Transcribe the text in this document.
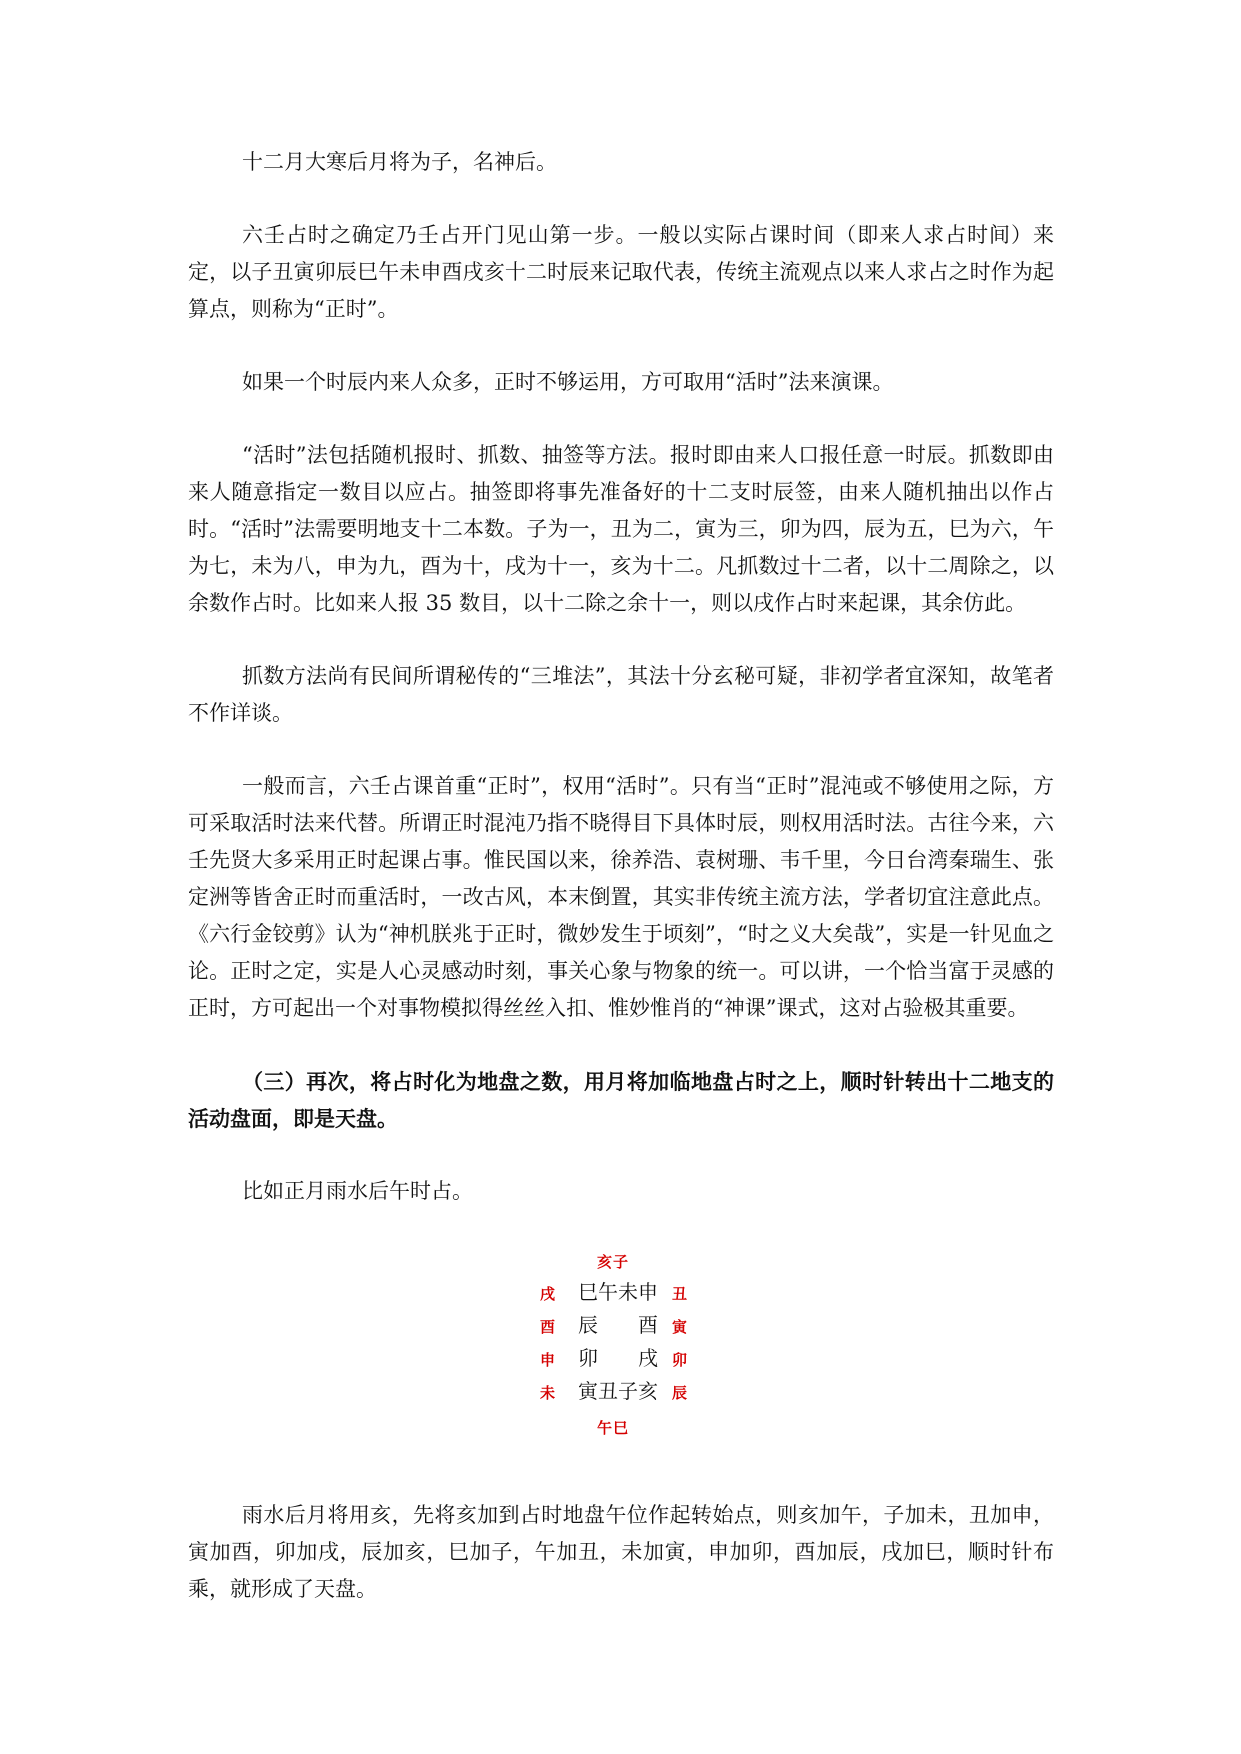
十二月大寒后月将为子，名神后。

六壬占时之确定乃壬占开门见山第一步。一般以实际占课时间（即来人求占时间）来定，以子丑寅卯辰巳午未申酉戌亥十二时辰来记取代表，传统主流观点以来人求占之时作为起算点，则称为“正时”。

如果一个时辰内来人众多，正时不够运用，方可取用“活时”法来演课。

“活时”法包括随机报时、抓数、抽签等方法。报时即由来人口报任意一时辰。抓数即由来人随意指定一数目以应占。抽签即将事先准备好的十二支时辰签，由来人随机抽出以作占时。“活时”法需要明地支十二本数。子为一，丑为二，寅为三，卯为四，辰为五，巳为六，午为七，未为八，申为九，酉为十，戌为十一，亥为十二。凡抓数过十二者，以十二周除之，以余数作占时。比如来人报 35 数目，以十二除之余十一，则以戌作占时来起课，其余仿此。

抓数方法尚有民间所谓秘传的“三堆法”，其法十分玄秘可疑，非初学者宜深知，故笔者不作详谈。

一般而言，六壬占课首重“正时”，权用“活时”。只有当“正时”混沌或不够使用之际，方可采取活时法来代替。所谓正时混沌乃指不晓得目下具体时辰，则权用活时法。古往今来，六壬先贤大多采用正时起课占事。惟民国以来，徐养浩、袁树珊、韦千里，今日台湾秦瑞生、张定洲等皆舍正时而重活时，一改古风，本末倒置，其实非传统主流方法，学者切宜注意此点。《六行金铰剪》认为“神机朕兆于正时，微妙发生于顷刻”，“时之义大矣哉”，实是一针见血之论。正时之定，实是人心灵感动时刻，事关心象与物象的统一。可以讲，一个恰当富于灵感的正时，方可起出一个对事物模拟得丝丝入扣、惟妙惟肖的“神课”课式，这对占验极其重要。

（三）再次，将占时化为地盘之数，用月将加临地盘占时之上，顺时针转出十二地支的活动盘面，即是天盘。

比如正月雨水后午时占。

亥子
戌 巳午未申 丑
酉 辰 酉 寅
申 卯 戌 卯
未 寅丑子亥 辰
午巳

雨水后月将用亥，先将亥加到占时地盘午位作起转始点，则亥加午，子加未，丑加申，寅加酉，卯加戌，辰加亥，巳加子，午加丑，未加寅，申加卯，酉加辰，戌加巳，顺时针布乘，就形成了天盘。
